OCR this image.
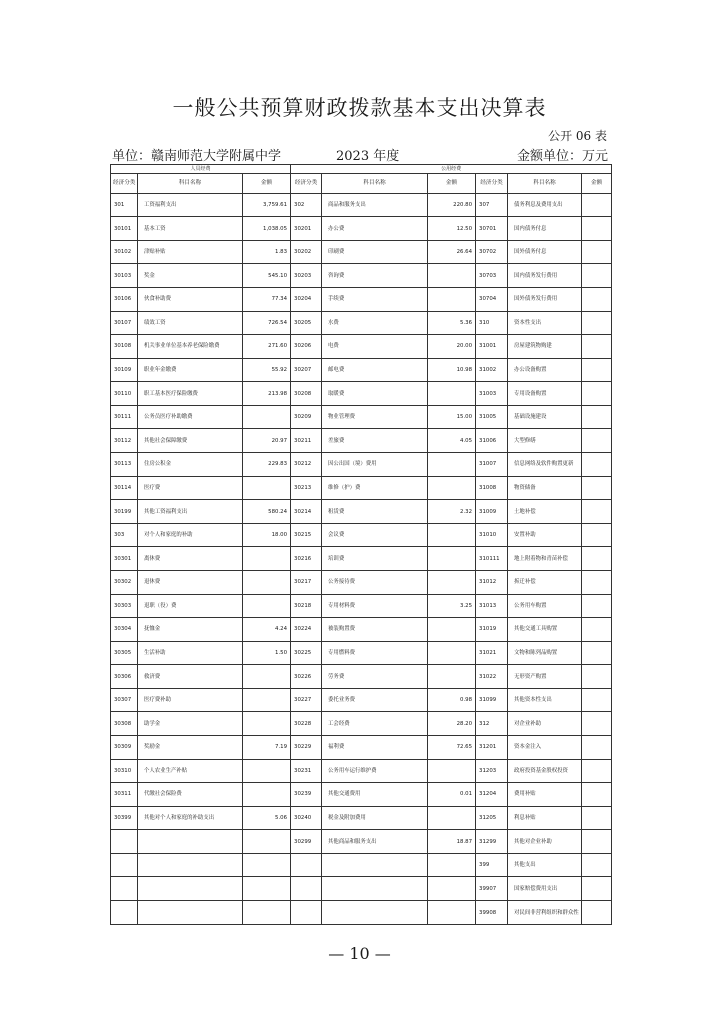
一般公共预算财政拨款基本支出决算表
公开 06 表
单位：赣南师范大学附属中学	2023 年度	金额单位：万元
人员经费			公用经费					
经济分类	科目名称	金额	经济分类	科目名称	金额	经济分类	科目名称	金额
301	工资福利支出	3,759.61	302	商品和服务支出	220.80	307	债务利息及费用支出	
30101	基本工资	1,038.05	30201	办公费	12.50	30701	国内债务付息	
30102	津贴补贴	1.83	30202	印刷费	26.64	30702	国外债务付息	
30103	奖金	545.10	30203	咨询费		30703	国内债务发行费用	
30106	伙食补助费	77.34	30204	手续费		30704	国外债务发行费用	
30107	绩效工资	726.54	30205	水费	5.36	310	资本性支出	
30108	机关事业单位基本养老保险缴费	271.60	30206	电费	20.00	31001	房屋建筑物购建	
30109	职业年金缴费	55.92	30207	邮电费	10.98	31002	办公设备购置	
30110	职工基本医疗保险缴费	213.98	30208	取暖费		31003	专用设备购置	
30111	公务员医疗补助缴费		30209	物业管理费	15.00	31005	基础设施建设	
30112	其他社会保障缴费	20.97	30211	差旅费	4.05	31006	大型修缮	
30113	住房公积金	229.83	30212	因公出国（境）费用		31007	信息网络及软件购置更新	
30114	医疗费		30213	维修（护）费		31008	物资储备	
30199	其他工资福利支出	580.24	30214	租赁费	2.32	31009	土地补偿	
303	对个人和家庭的补助	18.00	30215	会议费		31010	安置补助	
30301	离休费		30216	培训费		310111	地上附着物和青苗补偿	
30302	退休费		30217	公务接待费		31012	拆迁补偿	
30303	退职（役）费		30218	专用材料费	3.25	31013	公务用车购置	
30304	抚恤金	4.24	30224	被装购置费		31019	其他交通工具购置	
30305	生活补助	1.50	30225	专用燃料费		31021	文物和陈列品购置	
30306	救济费		30226	劳务费		31022	无形资产购置	
30307	医疗费补助		30227	委托业务费	0.98	31099	其他资本性支出	
30308	助学金		30228	工会经费	28.20	312	对企业补助	
30309	奖励金	7.19	30229	福利费	72.65	31201	资本金注入	
30310	个人农业生产补贴		30231	公务用车运行维护费		31203	政府投资基金股权投资	
30311	代缴社会保险费		30239	其他交通费用	0.01	31204	费用补贴	
30399	其他对个人和家庭的补助支出	5.06	30240	税金及附加费用		31205	利息补贴	
			30299	其他商品和服务支出	18.87	31299	其他对企业补助	
						399	其他支出	
						39907	国家赔偿费用支出	
						39908	对民间非营利组织和群众性	
— 10 —
